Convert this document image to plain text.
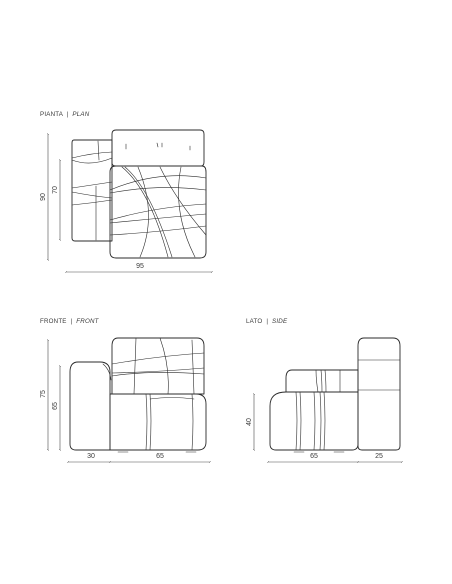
PIANTA | PLAN
90
70
95
FRONTE | FRONT
75
65
30	65
LATO | SIDE
40
65	25
